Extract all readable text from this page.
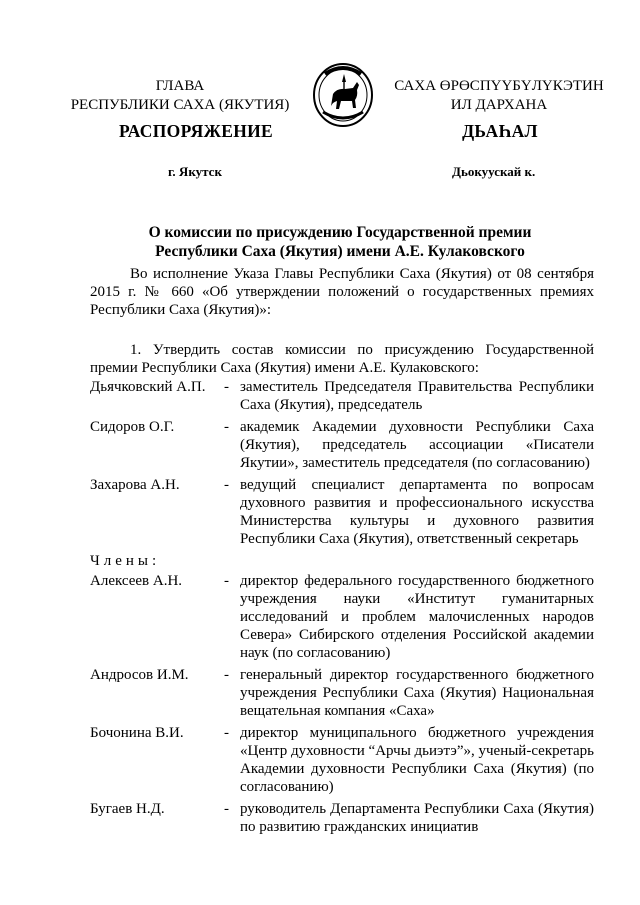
ГЛАВА
РЕСПУБЛИКИ САХА (ЯКУТИЯ)
САХА ӨРӨСПҮҮБҮЛҮКЭТИН
ИЛ ДАРХАНА
РАСПОРЯЖЕНИЕ	ДЬАҺАЛ
г. Якутск	Дьокуускай к.
О комиссии по присуждению Государственной премии
Республики Саха (Якутия) имени А.Е. Кулаковского
Во исполнение Указа Главы Республики Саха (Якутия) от 08 сентября 2015 г. № 660 «Об утверждении положений о государственных премиях Республики Саха (Якутия)»:
1. Утвердить состав комиссии по присуждению Государственной премии Республики Саха (Якутия) имени А.Е. Кулаковского:
Дьячковский А.П.	- заместитель Председателя Правительства Республики Саха (Якутия), председатель
Сидоров О.Г.	- академик Академии духовности Республики Саха (Якутия), председатель ассоциации «Писатели Якутии», заместитель председателя (по согласованию)
Захарова А.Н.	- ведущий специалист департамента по вопросам духовного развития и профессионального искусства Министерства культуры и духовного развития Республики Саха (Якутия), ответственный секретарь
Члены:
Алексеев А.Н.	- директор федерального государственного бюджетного учреждения науки «Институт гуманитарных исследований и проблем малочисленных народов Севера» Сибирского отделения Российской академии наук (по согласованию)
Андросов И.М.	- генеральный директор государственного бюджетного учреждения Республики Саха (Якутия) Национальная вещательная компания «Саха»
Бочонина В.И.	- директор муниципального бюджетного учреждения «Центр духовности “Арчы дьиэтэ”», ученый-секретарь Академии духовности Республики Саха (Якутия) (по согласованию)
Бугаев Н.Д.	- руководитель Департамента Республики Саха (Якутия) по развитию гражданских инициатив
